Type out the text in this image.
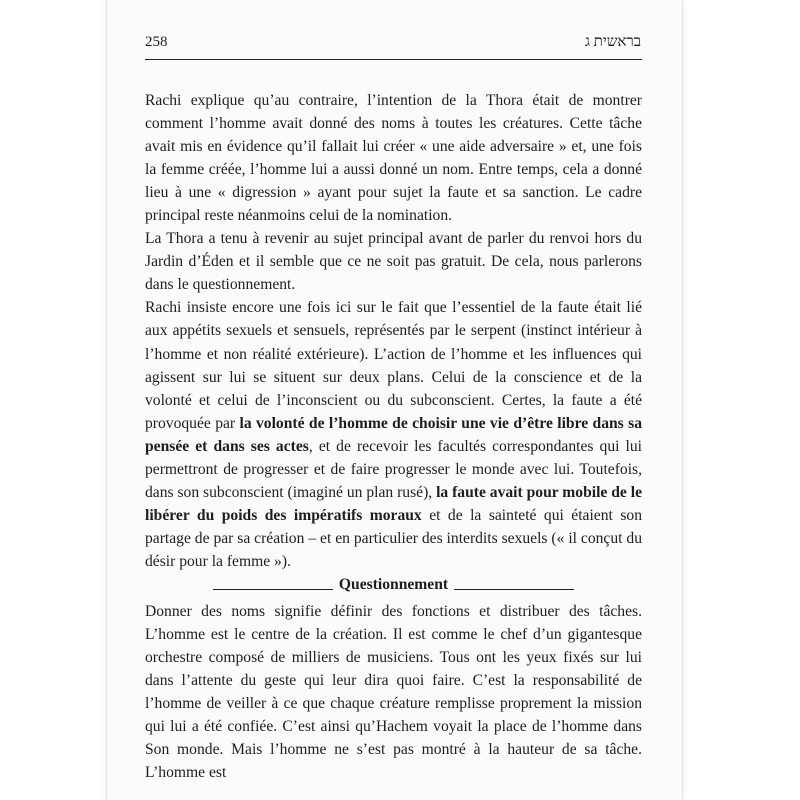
258	בראשית ג

Rachi explique qu’au contraire, l’intention de la Thora était de montrer comment l’homme avait donné des noms à toutes les créatures. Cette tâche avait mis en évidence qu’il fallait lui créer « une aide adversaire » et, une fois la femme créée, l’homme lui a aussi donné un nom. Entre temps, cela a donné lieu à une « digression » ayant pour sujet la faute et sa sanction. Le cadre principal reste néanmoins celui de la nomination.

La Thora a tenu à revenir au sujet principal avant de parler du renvoi hors du Jardin d’Éden et il semble que ce ne soit pas gratuit. De cela, nous parlerons dans le questionnement.

Rachi insiste encore une fois ici sur le fait que l’essentiel de la faute était lié aux appétits sexuels et sensuels, représentés par le serpent (instinct intérieur à l’homme et non réalité extérieure). L’action de l’homme et les influences qui agissent sur lui se situent sur deux plans. Celui de la conscience et de la volonté et celui de l’inconscient ou du subconscient. Certes, la faute a été provoquée par la volonté de l’homme de choisir une vie d’être libre dans sa pensée et dans ses actes, et de recevoir les facultés correspondantes qui lui permettront de progresser et de faire progresser le monde avec lui. Toutefois, dans son subconscient (imaginé un plan rusé), la faute avait pour mobile de le libérer du poids des impératifs moraux et de la sainteté qui étaient son partage de par sa création – et en particulier des interdits sexuels (« il conçut du désir pour la femme »).

Questionnement

Donner des noms signifie définir des fonctions et distribuer des tâches. L’homme est le centre de la création. Il est comme le chef d’un gigantesque orchestre composé de milliers de musiciens. Tous ont les yeux fixés sur lui dans l’attente du geste qui leur dira quoi faire. C’est la responsabilité de l’homme de veiller à ce que chaque créature remplisse proprement la mission qui lui a été confiée. C’est ainsi qu’Hachem voyait la place de l’homme dans Son monde. Mais l’homme ne s’est pas montré à la hauteur de sa tâche. L’homme est
